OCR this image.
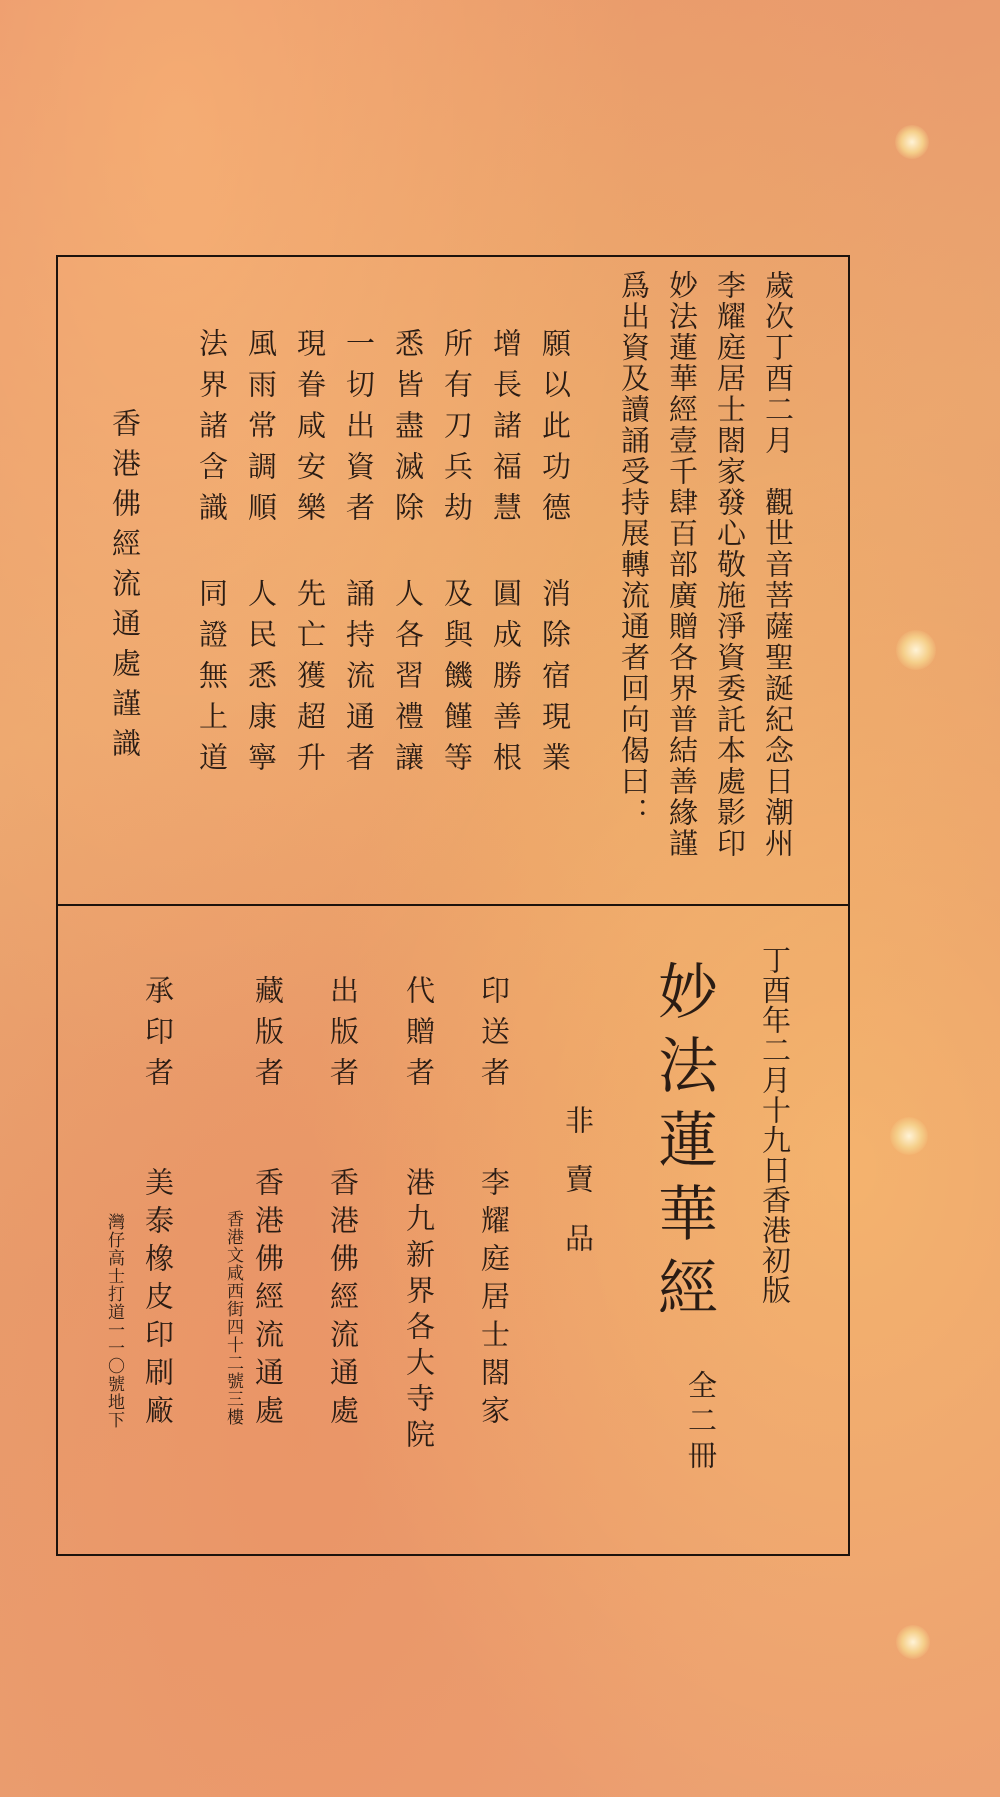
歲次丁酉二月　觀世音菩薩聖誕紀念日潮州

李耀庭居士閤家發心敬施淨資委託本處影印

妙法蓮華經壹千肆百部廣贈各界普結善緣謹

爲出資及讀誦受持展轉流通者回向偈曰：

願以此功德

消除宿現業

增長諸福慧

圓成勝善根

所有刀兵劫

及與饑饉等

悉皆盡滅除

人各習禮讓

一切出資者

誦持流通者

現眷咸安樂

先亡獲超升

風雨常調順

人民悉康寧

法界諸含識

同證無上道

香港佛經流通處謹識

丁酉年二月十九日香港初版

妙法蓮華經

全二冊

非賣品

印送者

李耀庭居士閤家

代贈者

港九新界各大寺院

出版者

香港佛經流通處

藏版者

香港佛經流通處

香港文咸西街四十二號三樓

承印者

美泰橡皮印刷廠

灣仔高士打道一一〇號地下
